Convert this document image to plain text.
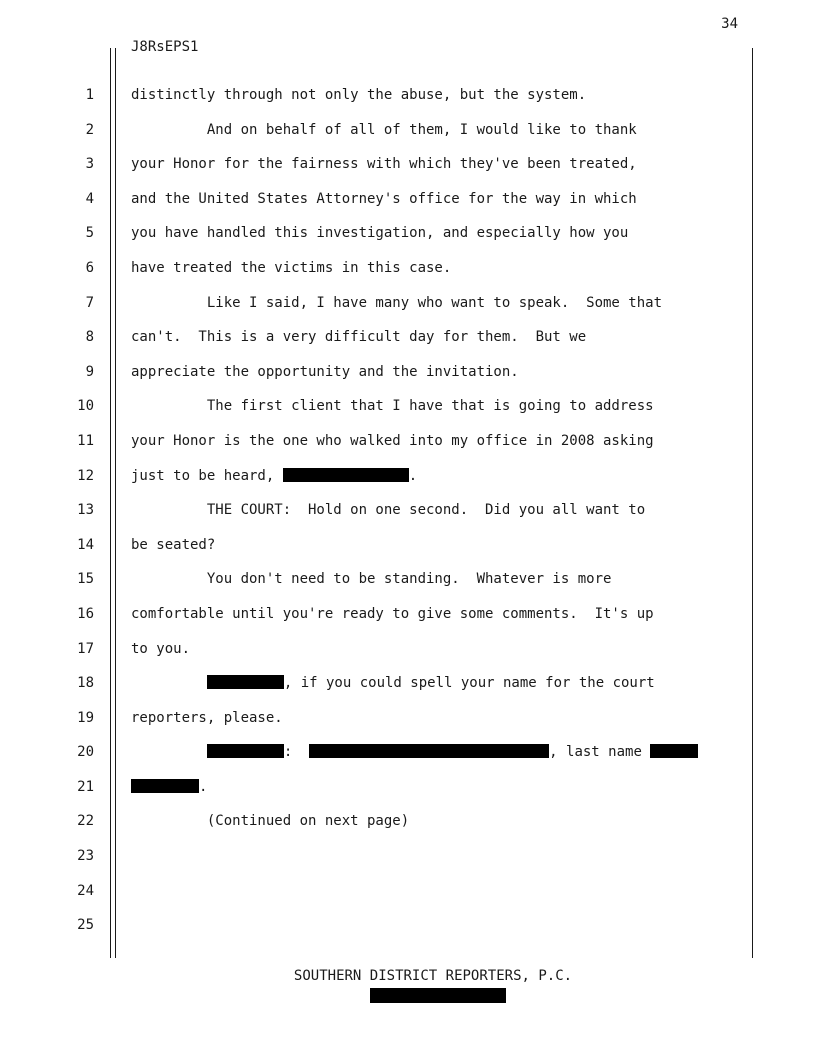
34
J8RsEPS1
1
2
3
4
5
6
7
8
9
10
11
12
13
14
15
16
17
18
19
20
21
22
23
24
25
distinctly through not only the abuse, but the system.
And on behalf of all of them, I would like to thank
your Honor for the fairness with which they've been treated,
and the United States Attorney's office for the way in which
you have handled this investigation, and especially how you
have treated the victims in this case.
Like I said, I have many who want to speak.  Some that
can't.  This is a very difficult day for them.  But we
appreciate the opportunity and the invitation.
The first client that I have that is going to address
your Honor is the one who walked into my office in 2008 asking
just to be heard,	.
THE COURT:  Hold on one second.  Did you all want to
be seated?
You don't need to be standing.  Whatever is more
comfortable until you're ready to give some comments.  It's up
to you.
, if you could spell your name for the court
reporters, please.
:	, last name
.
(Continued on next page)
SOUTHERN DISTRICT REPORTERS, P.C.
